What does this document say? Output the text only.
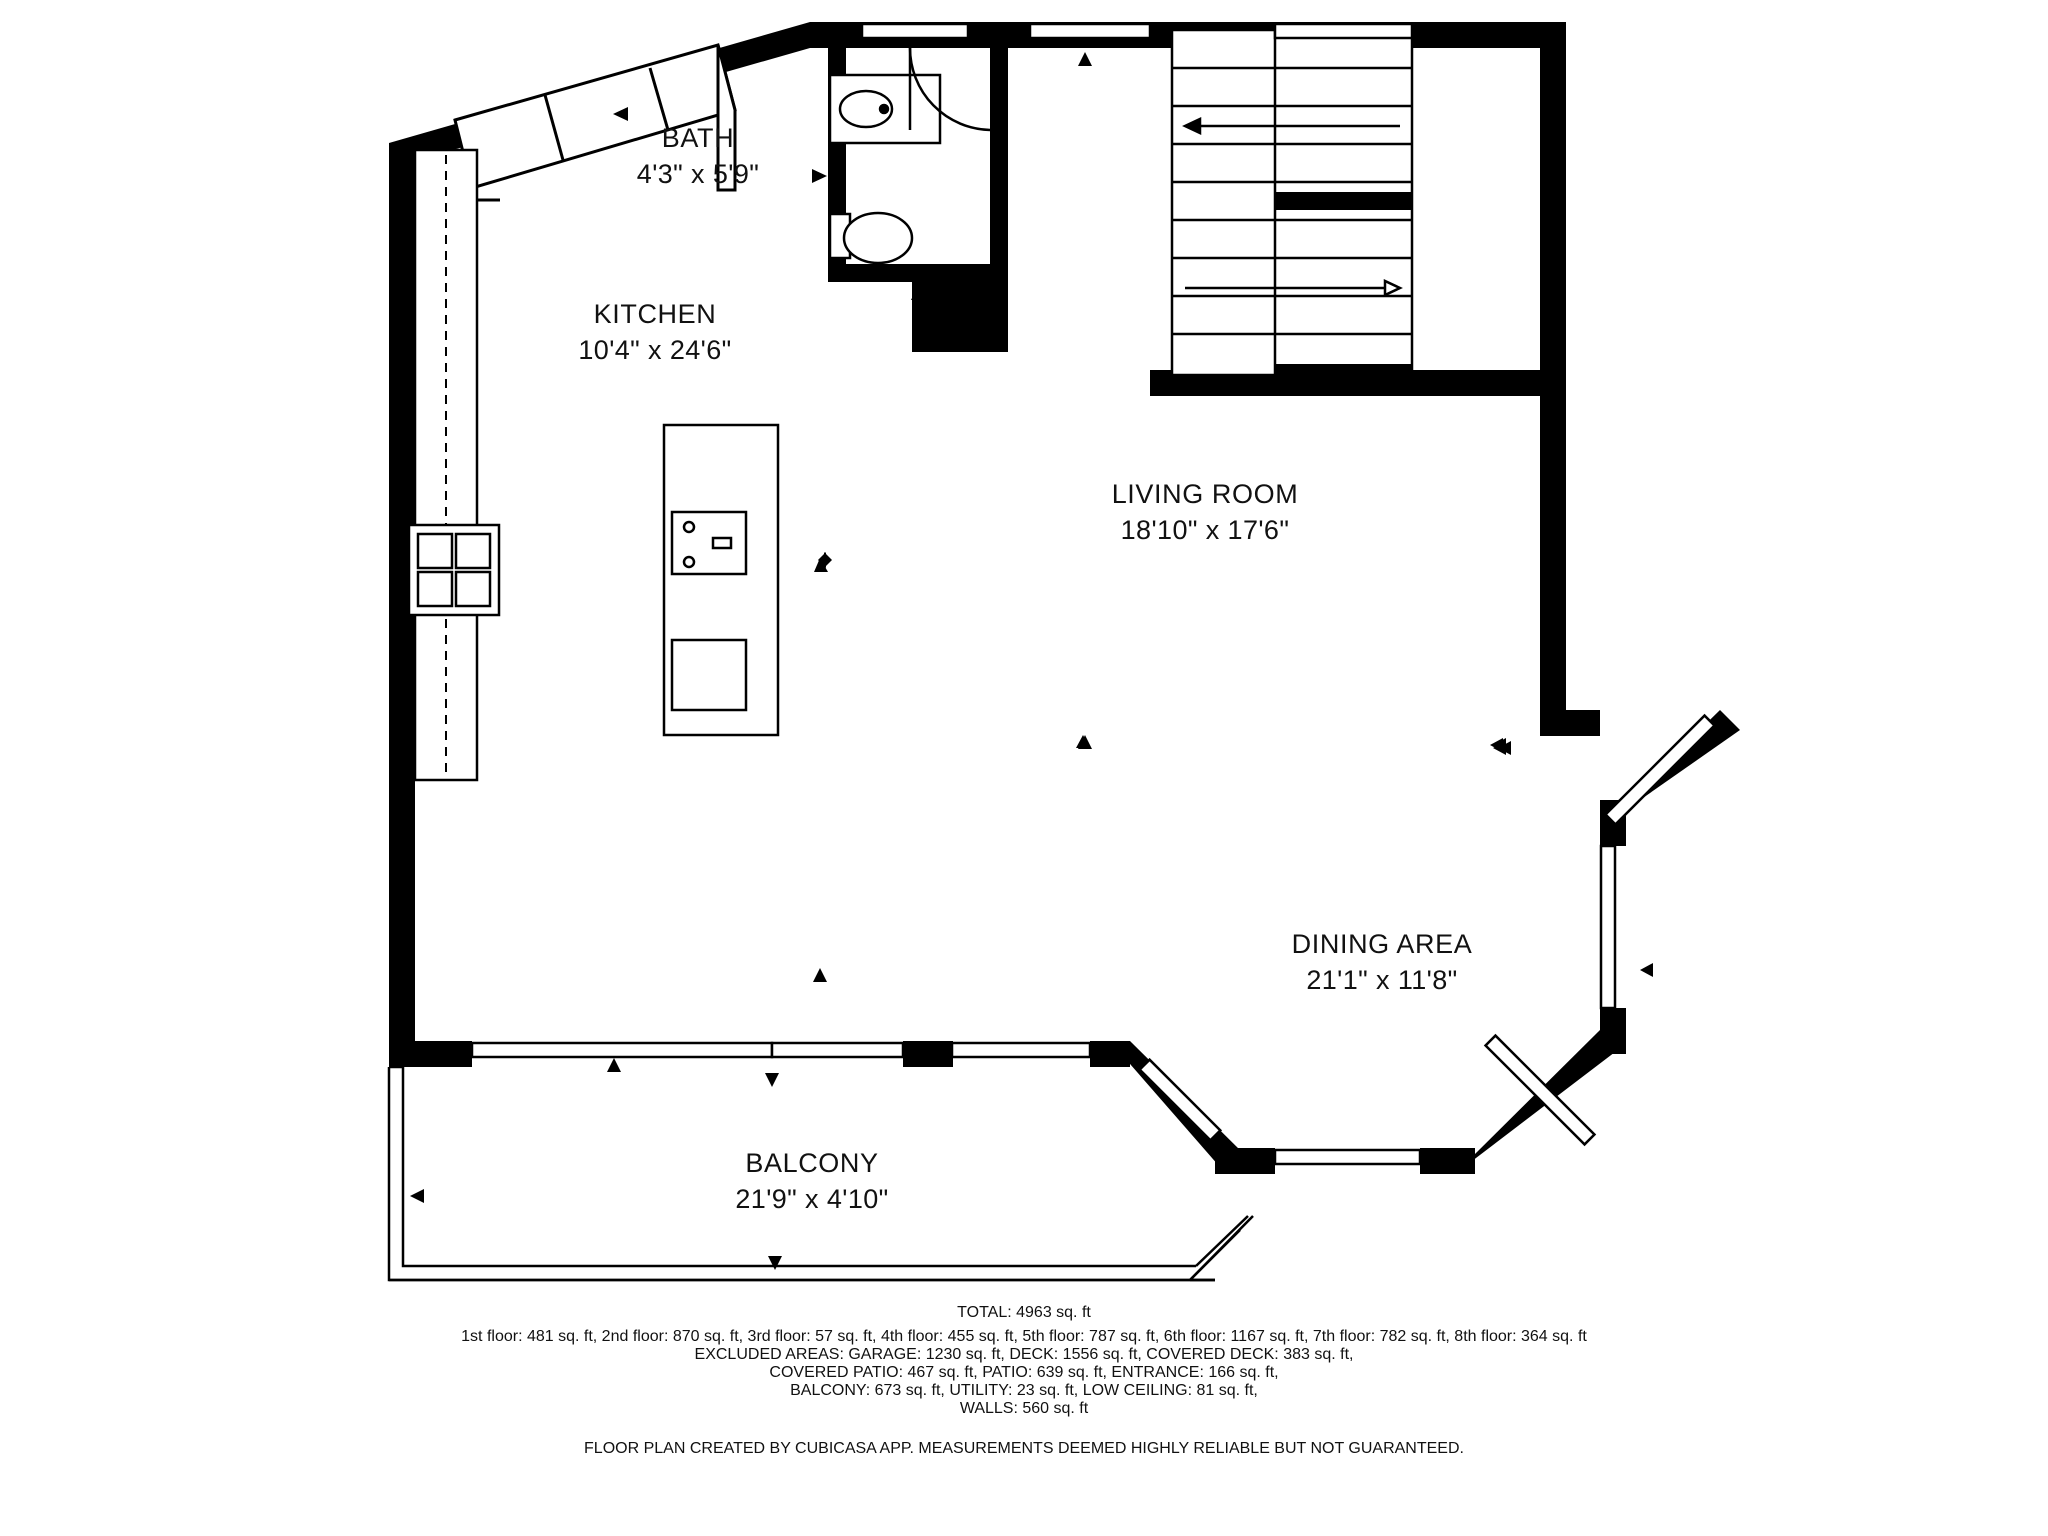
BATH
4'3" x 5'9"
KITCHEN
10'4" x 24'6"
LIVING ROOM
18'10" x 17'6"
DINING AREA
21'1" x 11'8"
BALCONY
21'9" x 4'10"
TOTAL: 4963 sq. ft
1st floor: 481 sq. ft, 2nd floor: 870 sq. ft, 3rd floor: 57 sq. ft, 4th floor: 455 sq. ft, 5th floor: 787 sq. ft, 6th floor: 1167 sq. ft, 7th floor: 782 sq. ft, 8th floor: 364 sq. ft
EXCLUDED AREAS: GARAGE: 1230 sq. ft, DECK: 1556 sq. ft, COVERED DECK: 383 sq. ft,
COVERED PATIO: 467 sq. ft, PATIO: 639 sq. ft, ENTRANCE: 166 sq. ft,
BALCONY: 673 sq. ft, UTILITY: 23 sq. ft, LOW CEILING: 81 sq. ft,
WALLS: 560 sq. ft
FLOOR PLAN CREATED BY CUBICASA APP. MEASUREMENTS DEEMED HIGHLY RELIABLE BUT NOT GUARANTEED.
